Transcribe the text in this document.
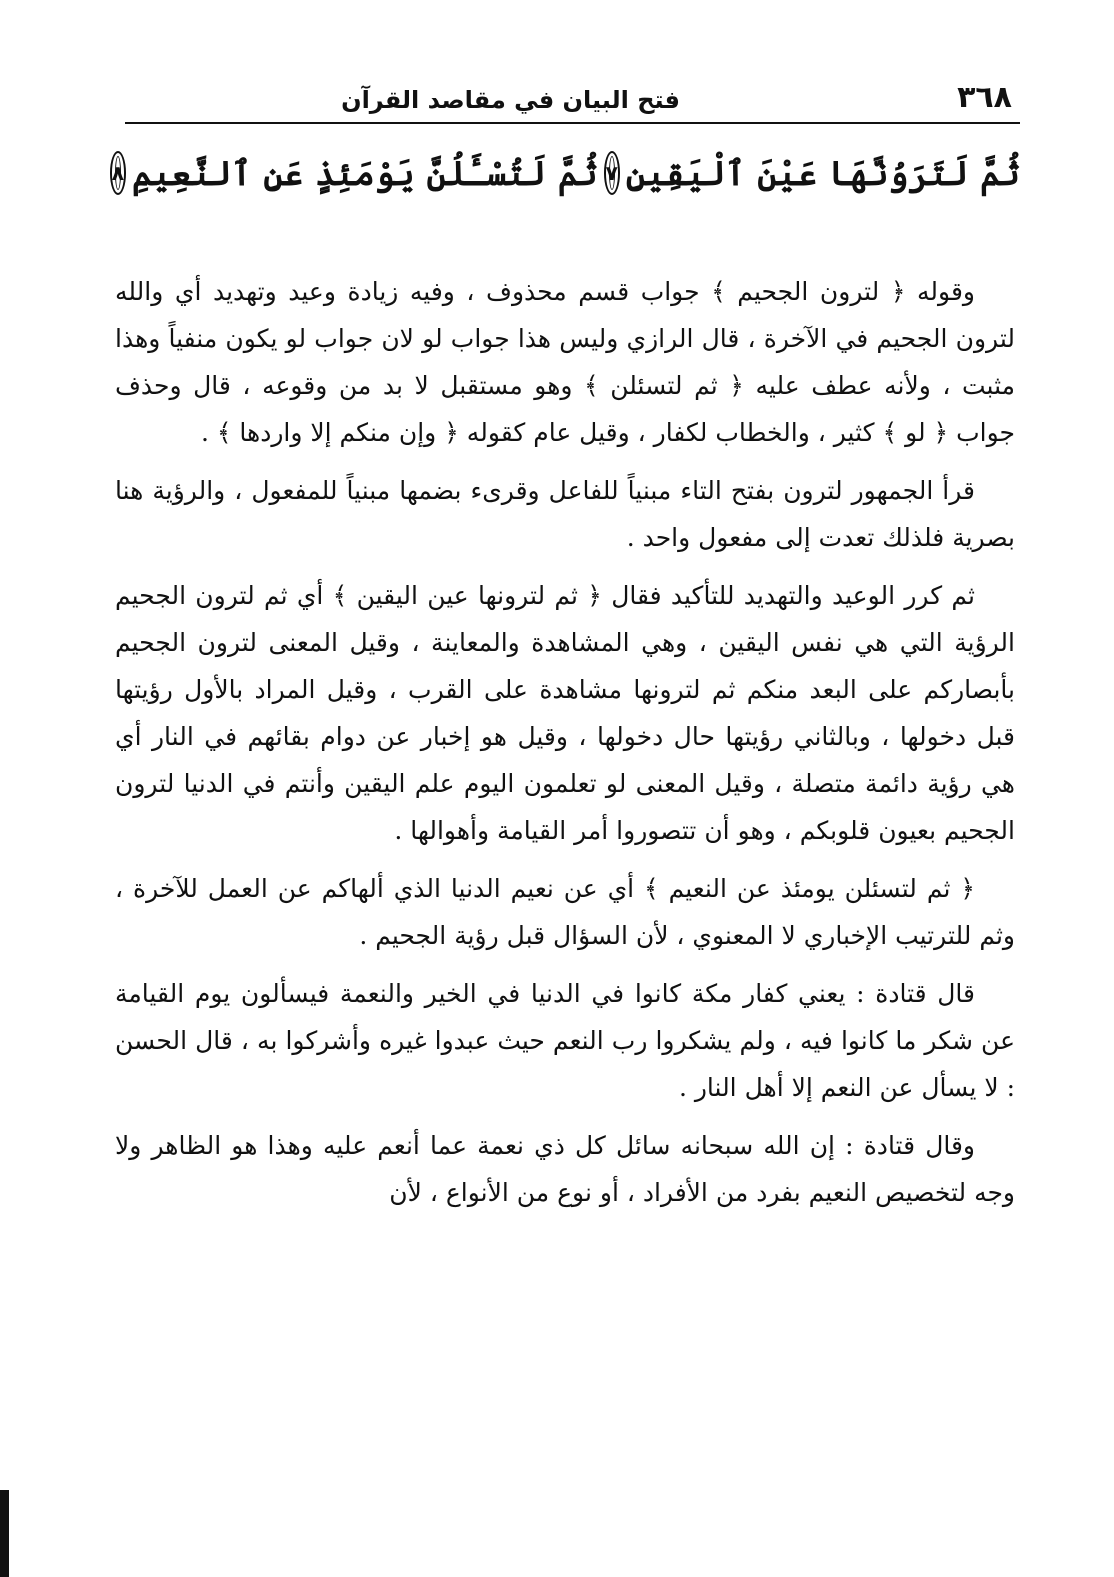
٣٦٨
فتح البيان في مقاصد القرآن
ثُمَّ لَتَرَوُنَّهَا عَيْنَ ٱلْيَقِينِ
٧
ثُمَّ لَتُسْـَٔلُنَّ يَوْمَئِذٍ عَنِ ٱلنَّعِيمِ
٨

وقوله ﴿ لترون الجحيم ﴾ جواب قسم محذوف ، وفيه زيادة وعيد وتهديد أي والله لترون الجحيم في الآخرة ، قال الرازي وليس هذا جواب لو لان جواب لو يكون منفياً وهذا مثبت ، ولأنه عطف عليه ﴿ ثم لتسئلن ﴾ وهو مستقبل لا بد من وقوعه ، قال وحذف جواب ﴿ لو ﴾ كثير ، والخطاب لكفار ، وقيل عام كقوله ﴿ وإن منكم إلا واردها ﴾ .

قرأ الجمهور لترون بفتح التاء مبنياً للفاعل وقرىء بضمها مبنياً للمفعول ، والرؤية هنا بصرية فلذلك تعدت إلى مفعول واحد .

ثم كرر الوعيد والتهديد للتأكيد فقال ﴿ ثم لترونها عين اليقين ﴾ أي ثم لترون الجحيم الرؤية التي هي نفس اليقين ، وهي المشاهدة والمعاينة ، وقيل المعنى لترون الجحيم بأبصاركم على البعد منكم ثم لترونها مشاهدة على القرب ، وقيل المراد بالأول رؤيتها قبل دخولها ، وبالثاني رؤيتها حال دخولها ، وقيل هو إخبار عن دوام بقائهم في النار أي هي رؤية دائمة متصلة ، وقيل المعنى لو تعلمون اليوم علم اليقين وأنتم في الدنيا لترون الجحيم بعيون قلوبكم ، وهو أن تتصوروا أمر القيامة وأهوالها .

﴿ ثم لتسئلن يومئذ عن النعيم ﴾ أي عن نعيم الدنيا الذي ألهاكم عن العمل للآخرة ، وثم للترتيب الإخباري لا المعنوي ، لأن السؤال قبل رؤية الجحيم .

قال قتادة : يعني كفار مكة كانوا في الدنيا في الخير والنعمة فيسألون يوم القيامة عن شكر ما كانوا فيه ، ولم يشكروا رب النعم حيث عبدوا غيره وأشركوا به ، قال الحسن : لا يسأل عن النعم إلا أهل النار .

وقال قتادة : إن الله سبحانه سائل كل ذي نعمة عما أنعم عليه وهذا هو الظاهر ولا وجه لتخصيص النعيم بفرد من الأفراد ، أو نوع من الأنواع ، لأن
